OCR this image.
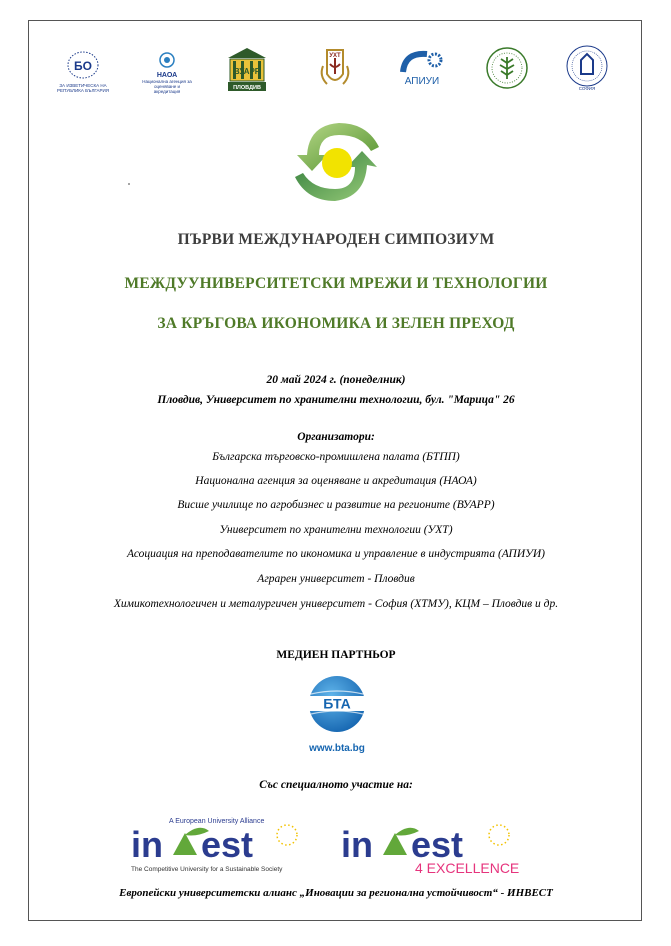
БО
ЗА ИЗВЕТИЧЕСКА НА РЕПУБЛИКА БЪЛГАРИЯ
НАОА
Национална агенция за оценяване и акредитация
ВУАРР
ПЛОВДИВ
УХТ
АПИУИ
СОФИЯ
ПЪРВИ МЕЖДУНАРОДЕН СИМПОЗИУМ
МЕЖДУУНИВЕРСИТЕТСКИ МРЕЖИ И ТЕХНОЛОГИИ
ЗА КРЪГОВА ИКОНОМИКА И ЗЕЛЕН ПРЕХОД
20 май 2024 г. (понеделник)
Пловдив, Университет по хранителни технологии, бул. "Марица" 26
Организатори:
Българска търговско-промишлена палата (БТПП)
Национална агенция за оценяване и акредитация (НАОА)
Висше училище по агробизнес и развитие на регионите (ВУАРР)
Университет по хранителни технологии (УХТ)
Асоциация на преподавателите по икономика и управление в индустрията (АПИУИ)
Аграрен университет - Пловдив
Химикотехнологичен и металургичен университет - София (ХТМУ), КЦМ – Пловдив и др.
МЕДИЕН ПАРТНЬОР
БТА
www.bta.bg
Със специалното участие на:
A European University Alliance
in est
The Competitive University for a Sustainable Society
in est
4 EXCELLENCE
Европейски университетски алианс „Иновации за регионална устойчивост“ - ИНВЕСТ
